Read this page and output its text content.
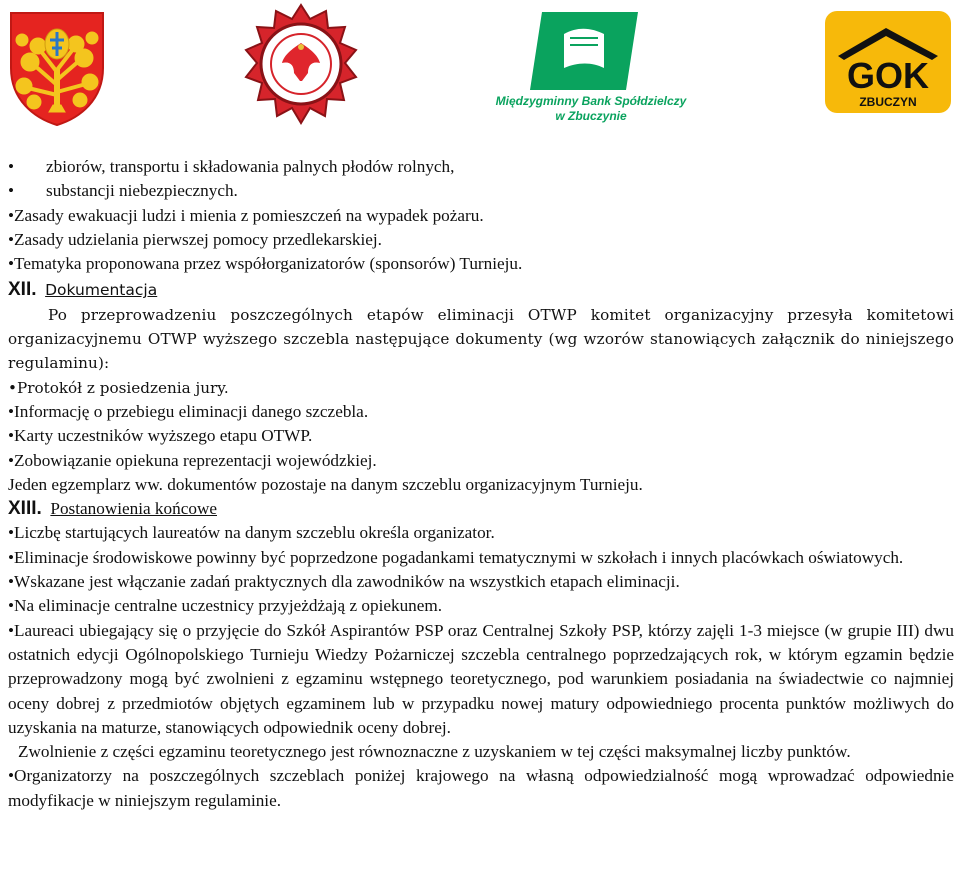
Międzygminny Bank Spółdzielczy
w Zbuczynie
GOK
ZBUCZYN
• zbiorów, transportu i składowania palnych płodów rolnych,
• substancji niebezpiecznych.
•Zasady ewakuacji ludzi i mienia z pomieszczeń na wypadek pożaru.
•Zasady udzielania pierwszej pomocy przedlekarskiej.
•Tematyka proponowana przez współorganizatorów (sponsorów) Turnieju.
XII. Dokumentacja
Po przeprowadzeniu poszczególnych etapów eliminacji OTWP komitet organizacyjny przesyła komitetowi organizacyjnemu OTWP wyższego szczebla następujące dokumenty (wg wzorów stanowiących załącznik do niniejszego regulaminu):
•Protokół z posiedzenia jury.
•Informację o przebiegu eliminacji danego szczebla.
•Karty uczestników wyższego etapu OTWP.
•Zobowiązanie opiekuna reprezentacji wojewódzkiej.
Jeden egzemplarz ww. dokumentów pozostaje na danym szczeblu organizacyjnym Turnieju.
XIII. Postanowienia końcowe
•Liczbę startujących laureatów na danym szczeblu określa organizator.
•Eliminacje środowiskowe powinny być poprzedzone pogadankami tematycznymi w szkołach i innych placówkach oświatowych.
•Wskazane jest włączanie zadań praktycznych dla zawodników na wszystkich etapach eliminacji.
•Na eliminacje centralne uczestnicy przyjeżdżają z opiekunem.
•Laureaci ubiegający się o przyjęcie do Szkół Aspirantów PSP oraz Centralnej Szkoły PSP, którzy zajęli 1-3 miejsce (w grupie III) dwu ostatnich edycji Ogólnopolskiego Turnieju Wiedzy Pożarniczej szczebla centralnego poprzedzających rok, w którym egzamin będzie przeprowadzony mogą być zwolnieni z egzaminu wstępnego teoretycznego, pod warunkiem posiadania na świadectwie co najmniej oceny dobrej z przedmiotów objętych egzaminem lub w przypadku nowej matury odpowiedniego procenta punktów możliwych do uzyskania na maturze, stanowiących odpowiednik oceny dobrej.
Zwolnienie z części egzaminu teoretycznego jest równoznaczne z uzyskaniem w tej części maksymalnej liczby punktów.
•Organizatorzy na poszczególnych szczeblach poniżej krajowego na własną odpowiedzialność mogą wprowadzać odpowiednie modyfikacje w niniejszym regulaminie.
